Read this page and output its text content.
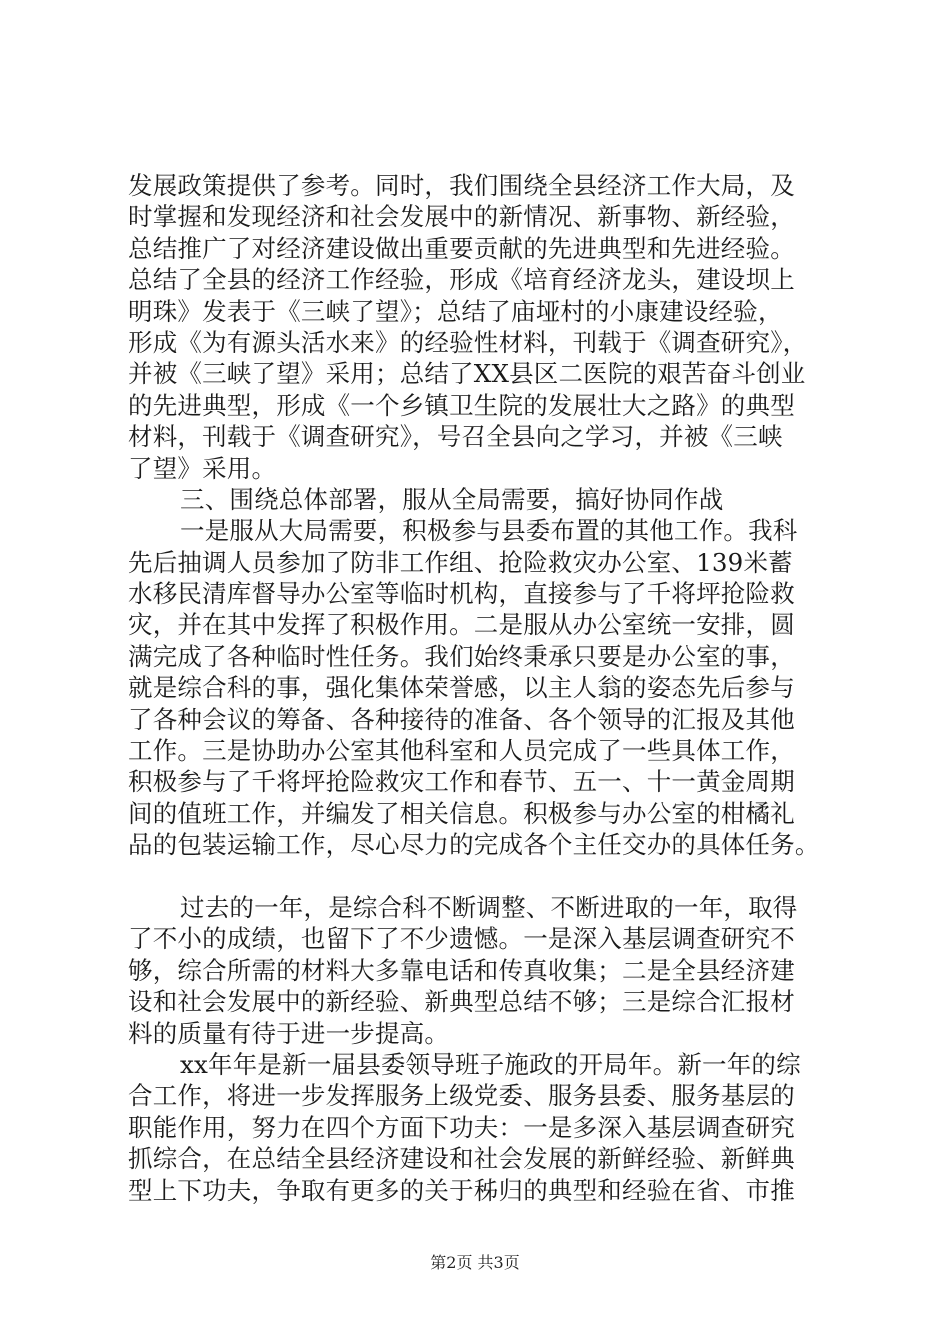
发展政策提供了参考。同时，我们围绕全县经济工作大局，及
时掌握和发现经济和社会发展中的新情况、新事物、新经验，
总结推广了对经济建设做出重要贡献的先进典型和先进经验。
总结了全县的经济工作经验，形成《培育经济龙头，建设坝上
明珠》发表于《三峡了望》；总结了庙垭村的小康建设经验，
形成《为有源头活水来》的经验性材料，刊载于《调查研究》，
并被《三峡了望》采用；总结了XX县区二医院的艰苦奋斗创业
的先进典型，形成《一个乡镇卫生院的发展壮大之路》的典型
材料，刊载于《调查研究》，号召全县向之学习，并被《三峡
了望》采用。
三、围绕总体部署，服从全局需要，搞好协同作战
一是服从大局需要，积极参与县委布置的其他工作。我科
先后抽调人员参加了防非工作组、抢险救灾办公室、139米蓄
水移民清库督导办公室等临时机构，直接参与了千将坪抢险救
灾，并在其中发挥了积极作用。二是服从办公室统一安排，圆
满完成了各种临时性任务。我们始终秉承只要是办公室的事，
就是综合科的事，强化集体荣誉感，以主人翁的姿态先后参与
了各种会议的筹备、各种接待的准备、各个领导的汇报及其他
工作。三是协助办公室其他科室和人员完成了一些具体工作，
积极参与了千将坪抢险救灾工作和春节、五一、十一黄金周期
间的值班工作，并编发了相关信息。积极参与办公室的柑橘礼
品的包装运输工作，尽心尽力的完成各个主任交办的具体任务。
过去的一年，是综合科不断调整、不断进取的一年，取得
了不小的成绩，也留下了不少遗憾。一是深入基层调查研究不
够，综合所需的材料大多靠电话和传真收集；二是全县经济建
设和社会发展中的新经验、新典型总结不够；三是综合汇报材
料的质量有待于进一步提高。
xx年年是新一届县委领导班子施政的开局年。新一年的综
合工作，将进一步发挥服务上级党委、服务县委、服务基层的
职能作用，努力在四个方面下功夫：一是多深入基层调查研究
抓综合，在总结全县经济建设和社会发展的新鲜经验、新鲜典
型上下功夫，争取有更多的关于秭归的典型和经验在省、市推
第2页 共3页
